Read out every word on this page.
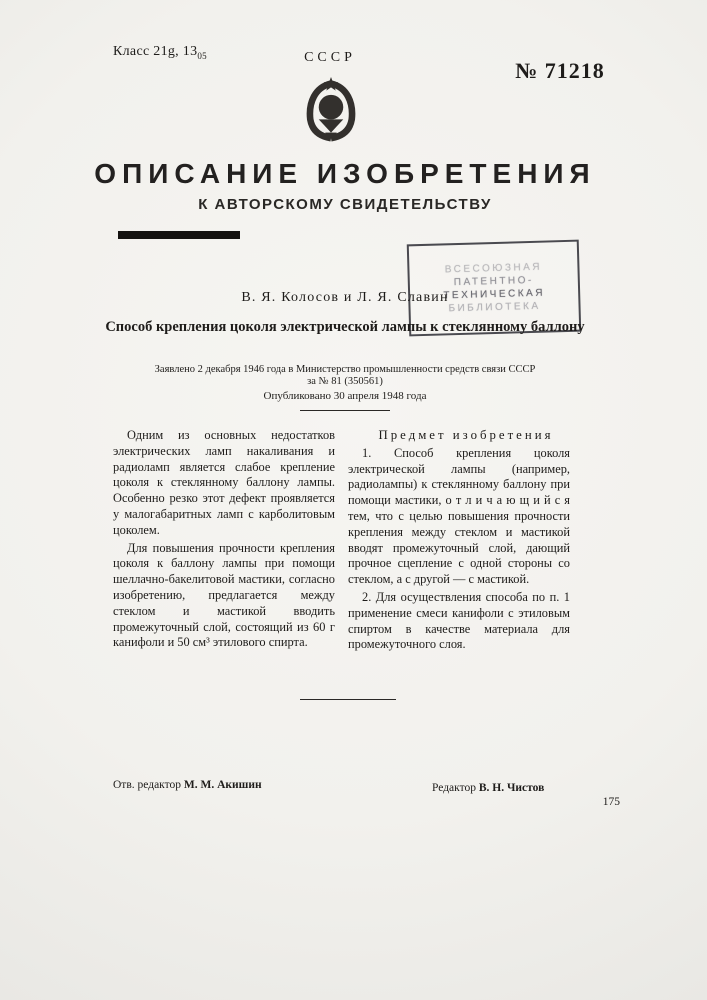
Класс 21g, $13_{05}$	СССР
№ 71218
ОПИСАНИЕ ИЗОБРЕТЕНИЯ
К АВТОРСКОМУ СВИДЕТЕЛЬСТВУ
ВСЕСОЮЗНАЯ
ПАТЕНТНО-
ТЕХНИЧЕСКАЯ
БИБЛИОТЕКА
В. Я. Колосов и Л. Я. Славин
Способ крепления цоколя электрической лампы к стеклянному баллону
Заявлено 2 декабря 1946 года в Министерство промышленности средств связи СССР
за № 81 (350561)
Опубликовано 30 апреля 1948 года

Одним из основных недостатков электрических ламп накаливания и радиоламп является слабое крепление цоколя к стеклянному баллону лампы. Особенно резко этот дефект проявляется у малогабаритных ламп с карболитовым цоколем.

Для повышения прочности крепления цоколя к баллону лампы при помощи шеллачно-бакелитовой мастики, согласно изобретению, предлагается между стеклом и мастикой вводить промежуточный слой, состоящий из 60 г канифоли и 50 см³ этилового спирта.

Предмет изобретения

1. Способ крепления цоколя электрической лампы (например, радиолампы) к стеклянному баллону при помощи мастики, о т л и ч а ю щ и й с я тем, что с целью повышения прочности крепления между стеклом и мастикой вводят промежуточный слой, дающий прочное сцепление с одной стороны со стеклом, а с другой — с мастикой.

2. Для осуществления способа по п. 1 применение смеси канифоли с этиловым спиртом в качестве материала для промежуточного слоя.

Отв. редактор М. М. Акишин	Редактор В. Н. Чистов
175
